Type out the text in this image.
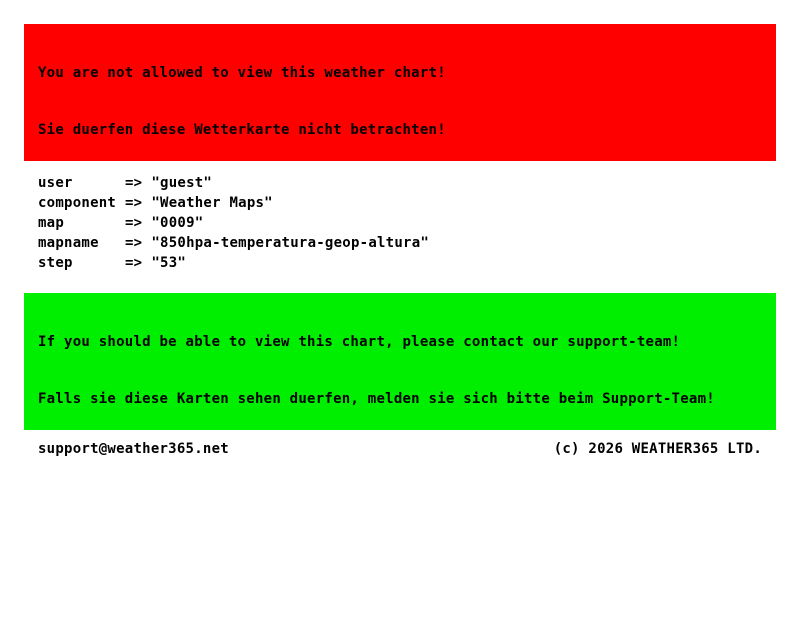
You are not allowed to view this weather chart!

Sie duerfen diese Wetterkarte nicht betrachten!

user	=> "guest"
component => "Weather Maps"
map	=> "0009"
mapname	=> "850hpa-temperatura-geop-altura"
step	=> "53"

If you should be able to view this chart, please contact our support-team!

Falls sie diese Karten sehen duerfen, melden sie sich bitte beim Support-Team!

support@weather365.net	(c) 2026 WEATHER365 LTD.
